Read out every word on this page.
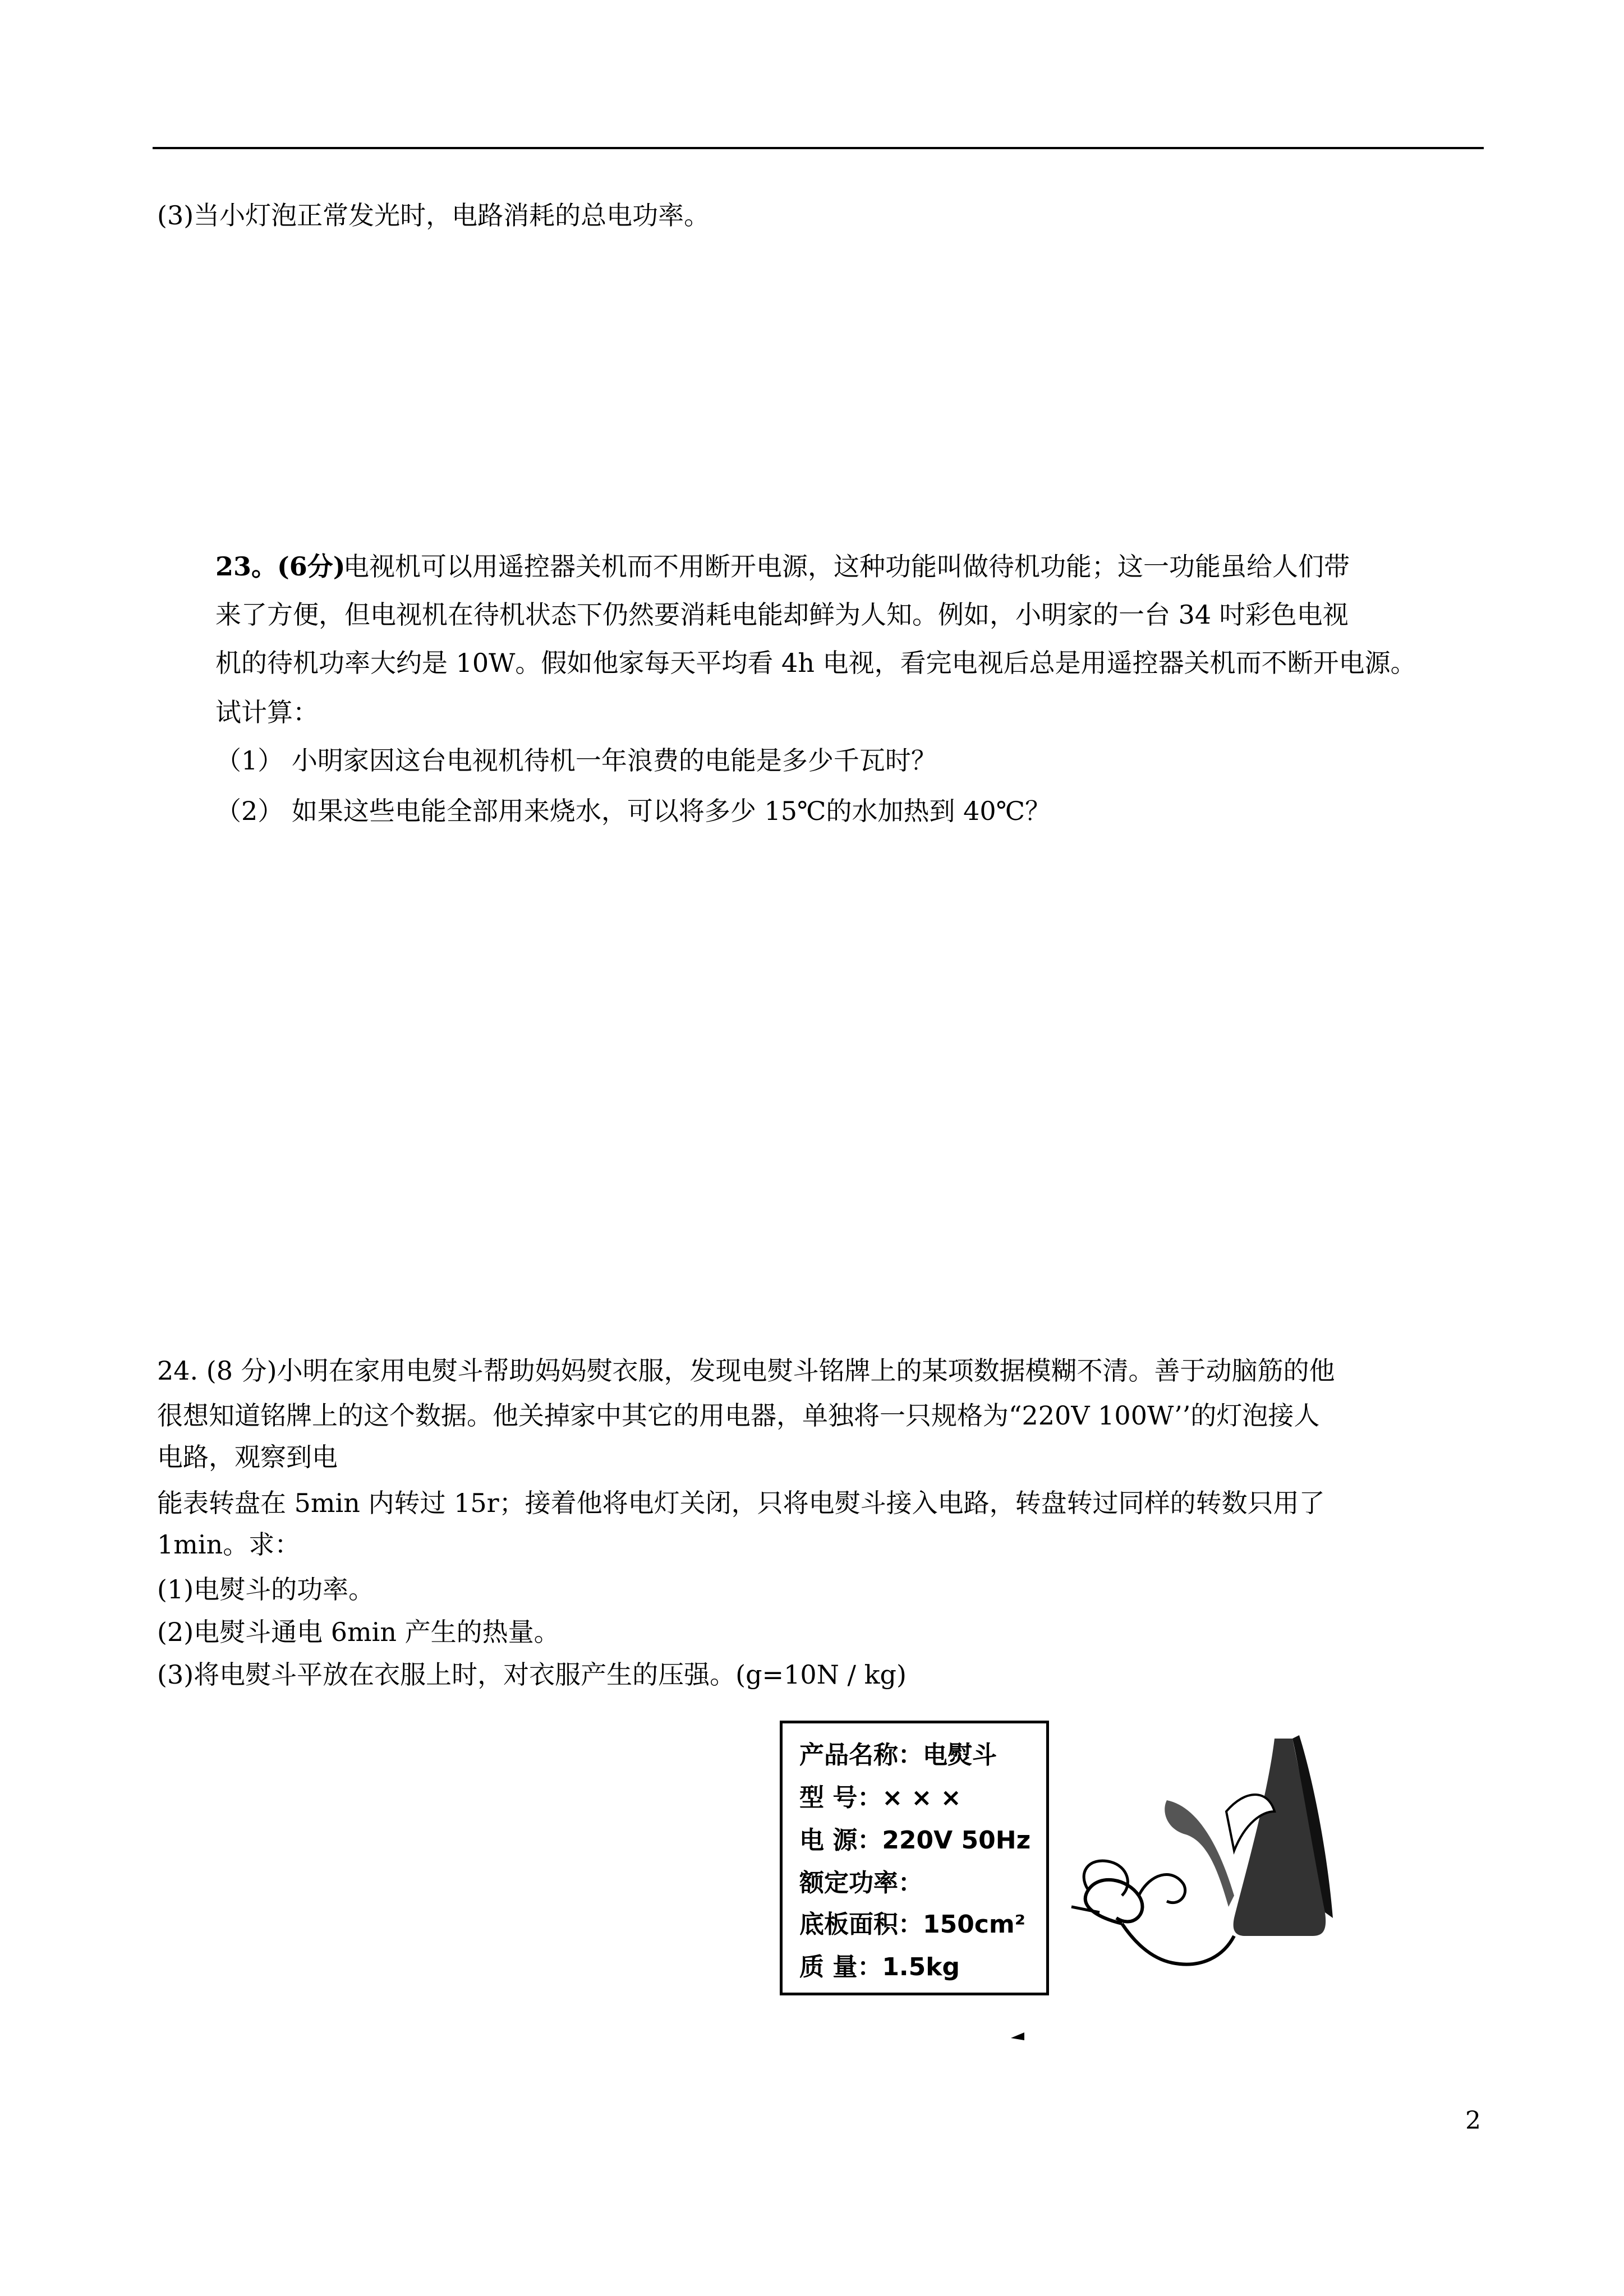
(3)当小灯泡正常发光时，电路消耗的总电功率。

23。(6分)

电视机可以用遥控器关机而不用断开电源，这种功能叫做待机功能；这一功能虽给人们带

来了方便，但电视机在待机状态下仍然要消耗电能却鲜为人知。例如，小明家的一台 34 吋彩色电视

机的待机功率大约是 10W。假如他家每天平均看 4h 电视，看完电视后总是用遥控器关机而不断开电源。

试计算：

（1） 小明家因这台电视机待机一年浪费的电能是多少千瓦时？

（2） 如果这些电能全部用来烧水，可以将多少 15℃的水加热到 40℃？

24. (8 分)小明在家用电熨斗帮助妈妈熨衣服，发现电熨斗铭牌上的某项数据模糊不清。善于动脑筋的他

很想知道铭牌上的这个数据。他关掉家中其它的用电器，单独将一只规格为“220V 100W’’的灯泡接人

电路，观察到电

能表转盘在 5min 内转过 15r；接着他将电灯关闭，只将电熨斗接入电路，转盘转过同样的转数只用了

1min。求：

(1)电熨斗的功率。

(2)电熨斗通电 6min 产生的热量。

(3)将电熨斗平放在衣服上时，对衣服产生的压强。(g=10N / kg)

产品名称：电熨斗
型 号：× × ×
电 源：220V 50Hz
额定功率：
底板面积：150cm²
质 量：1.5kg
2
